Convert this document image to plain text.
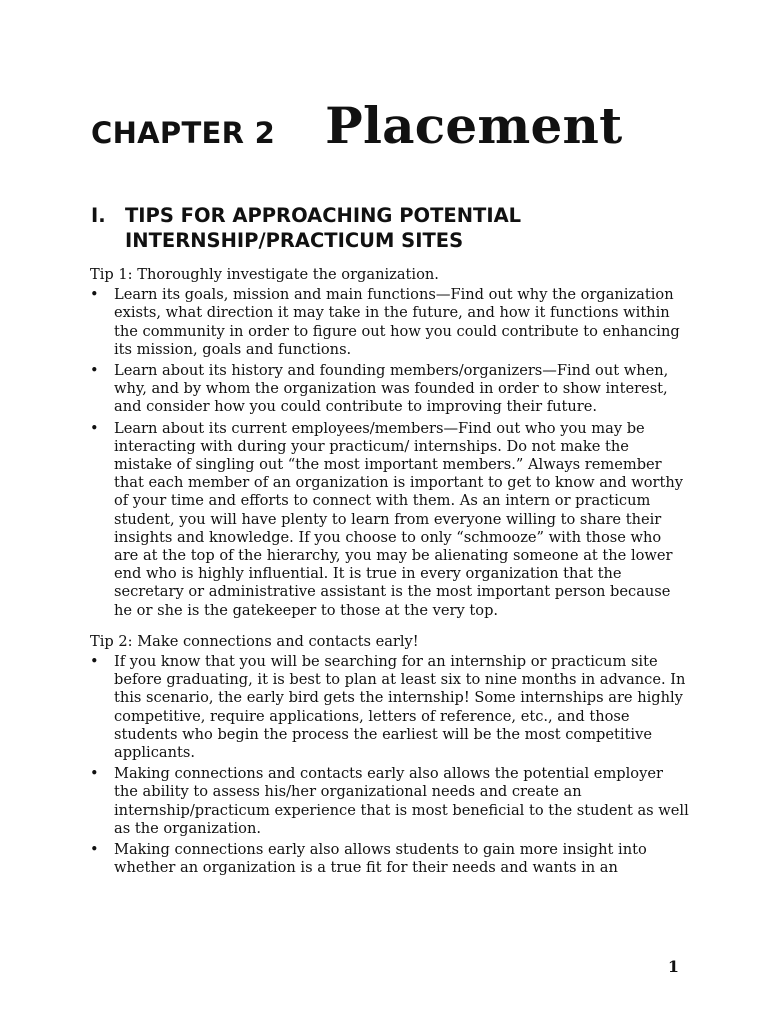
CHAPTER 2 Placement
I. TIPS FOR APPROACHING POTENTIAL
INTERNSHIP/PRACTICUM SITES
Tip 1: Thoroughly investigate the organization.
• Learn its goals, mission and main functions—Find out why the organization exists, what direction it may take in the future, and how it functions within the community in order to figure out how you could contribute to enhancing its mission, goals and functions.
• Learn about its history and founding members/organizers—Find out when, why, and by whom the organization was founded in order to show interest, and consider how you could contribute to improving their future.
• Learn about its current employees/members—Find out who you may be interacting with during your practicum/ internships. Do not make the mistake of singling out “the most important members.” Always remember that each member of an organization is important to get to know and worthy of your time and efforts to connect with them. As an intern or practicum student, you will have plenty to learn from everyone willing to share their insights and knowledge. If you choose to only “schmooze” with those who are at the top of the hierarchy, you may be alienating someone at the lower end who is highly influential. It is true in every organization that the secretary or administrative assistant is the most important person because he or she is the gatekeeper to those at the very top.
Tip 2: Make connections and contacts early!
• If you know that you will be searching for an internship or practicum site before graduating, it is best to plan at least six to nine months in advance. In this scenario, the early bird gets the internship! Some internships are highly competitive, require applications, letters of reference, etc., and those students who begin the process the earliest will be the most competitive applicants.
• Making connections and contacts early also allows the potential employer the ability to assess his/her organizational needs and create an internship/practicum experience that is most beneficial to the student as well as the organization.
• Making connections early also allows students to gain more insight into whether an organization is a true fit for their needs and wants in an
1
